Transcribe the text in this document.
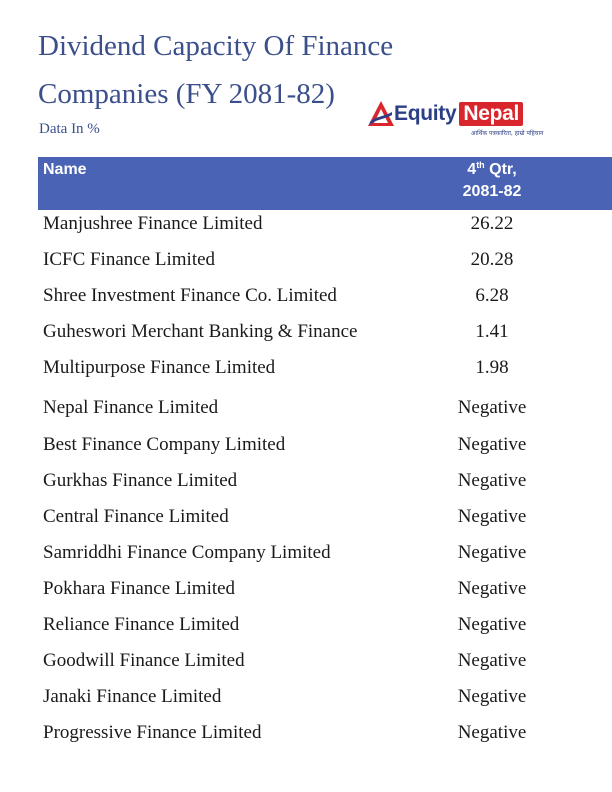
Dividend Capacity Of Finance Companies (FY 2081-82)
Data In %
Equity Nepal
आर्थिक पत्रकारिता, हाम्रो पहिचान
Name	4th Qtr,
2081-82
Manjushree Finance Limited	26.22
ICFC Finance Limited	20.28
Shree Investment Finance Co. Limited	6.28
Guheswori Merchant Banking & Finance	1.41
Multipurpose Finance Limited	1.98
Nepal Finance Limited	Negative
Best Finance Company Limited	Negative
Gurkhas Finance Limited	Negative
Central Finance Limited	Negative
Samriddhi Finance Company Limited	Negative
Pokhara Finance Limited	Negative
Reliance Finance Limited	Negative
Goodwill Finance Limited	Negative
Janaki Finance Limited	Negative
Progressive Finance Limited	Negative
